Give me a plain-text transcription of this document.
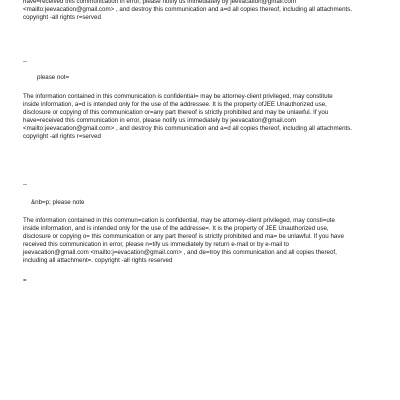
have=received this communication in error, please notify us immediately by jeevacation@gmail.com
<mailto:jeevacation@gmail.com> , and destroy this communication and a=d all copies thereof, including all attachments.
copyright -all rights r=served

--

please not=

The information contained in this communication is confidential= may be attorney-client privileged, may constitute
inside information, a=d is intended only for the use of the addressee. It is the property ofJEE Unauthorized use,
disclosure or copying of this communication or=any part thereof is strictly prohibited and may be unlawful. If you
have=received this communication in error, please notify us immediately by jeevacation@gmail.com
<mailto:jeevacation@gmail.com> , and destroy this communication and a=d all copies thereof, including all attachments.
copyright -all rights r=served

--

&nb=p; please note

The information contained in this commun=cation is confidential, may be attorney-client privileged, may consti=ute
inside information, and is intended only for the use of the addresse=. It is the property of JEE Unauthorized use,
disclosure or copying o= this communication or any part thereof is strictly prohibited and ma= be unlawful. If you have
received this communication in error, please n=tify us immediately by return e-mail or by e-mail to
jeevacation@gmail.com <mailto:j=evacation@gmail.com> , and de=troy this communication and all copies thereof,
including all attachment=. copyright -all rights reserved

=
